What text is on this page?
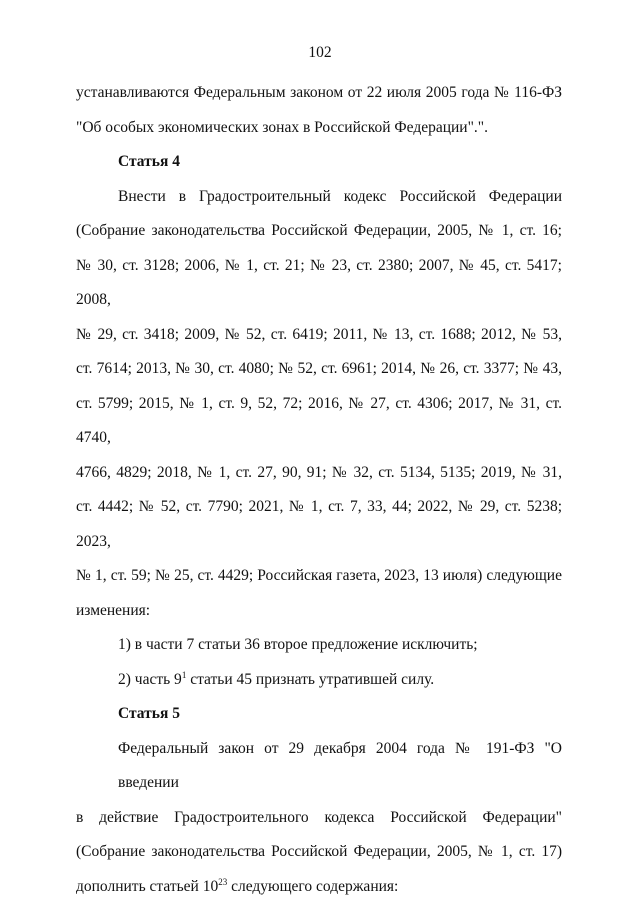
102

устанавливаются Федеральным законом от 22 июля 2005 года № 116-ФЗ
"Об особых экономических зонах в Российской Федерации".".

Статья 4

Внести в Градостроительный кодекс Российской Федерации
(Собрание законодательства Российской Федерации, 2005, № 1, ст. 16;
№ 30, ст. 3128; 2006, № 1, ст. 21; № 23, ст. 2380; 2007, № 45, ст. 5417; 2008,
№ 29, ст. 3418; 2009, № 52, ст. 6419; 2011, № 13, ст. 1688; 2012, № 53,
ст. 7614; 2013, № 30, ст. 4080; № 52, ст. 6961; 2014, № 26, ст. 3377; № 43,
ст. 5799; 2015, № 1, ст. 9, 52, 72; 2016, № 27, ст. 4306; 2017, № 31, ст. 4740,
4766, 4829; 2018, № 1, ст. 27, 90, 91; № 32, ст. 5134, 5135; 2019, № 31,
ст. 4442; № 52, ст. 7790; 2021, № 1, ст. 7, 33, 44; 2022, № 29, ст. 5238; 2023,
№ 1, ст. 59; № 25, ст. 4429; Российская газета, 2023, 13 июля) следующие
изменения:

1) в части 7 статьи 36 второе предложение исключить;

2) часть $9^1$ статьи 45 признать утратившей силу.

Статья 5

Федеральный закон от 29 декабря 2004 года № 191-ФЗ "О введении
в действие Градостроительного кодекса Российской Федерации"
(Собрание законодательства Российской Федерации, 2005, № 1, ст. 17)
дополнить статьей $10^{23}$ следующего содержания:
